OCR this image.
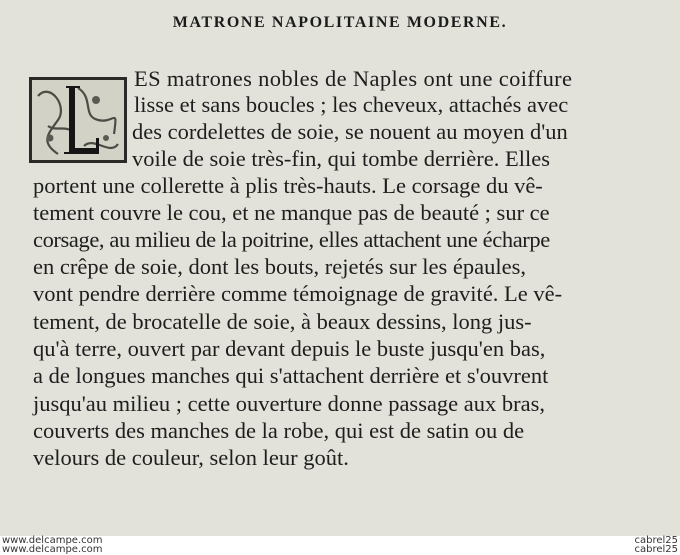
MATRONE NAPOLITAINE MODERNE.
ES matrones nobles de Naples ont une coiffure
lisse et sans boucles ; les cheveux, attachés avec
des cordelettes de soie, se nouent au moyen d'un
voile de soie très-fin, qui tombe derrière. Elles
portent une collerette à plis très-hauts. Le corsage du vê-
tement couvre le cou, et ne manque pas de beauté ; sur ce
corsage, au milieu de la poitrine, elles attachent une écharpe
en crêpe de soie, dont les bouts, rejetés sur les épaules,
vont pendre derrière comme témoignage de gravité. Le vê-
tement, de brocatelle de soie, à beaux dessins, long jus-
qu'à terre, ouvert par devant depuis le buste jusqu'en bas,
a de longues manches qui s'attachent derrière et s'ouvrent
jusqu'au milieu ; cette ouverture donne passage aux bras,
couverts des manches de la robe, qui est de satin ou de
velours de couleur, selon leur goût.
www.delcampe.com
www.delcampe.com
cabrel25
cabrel25
